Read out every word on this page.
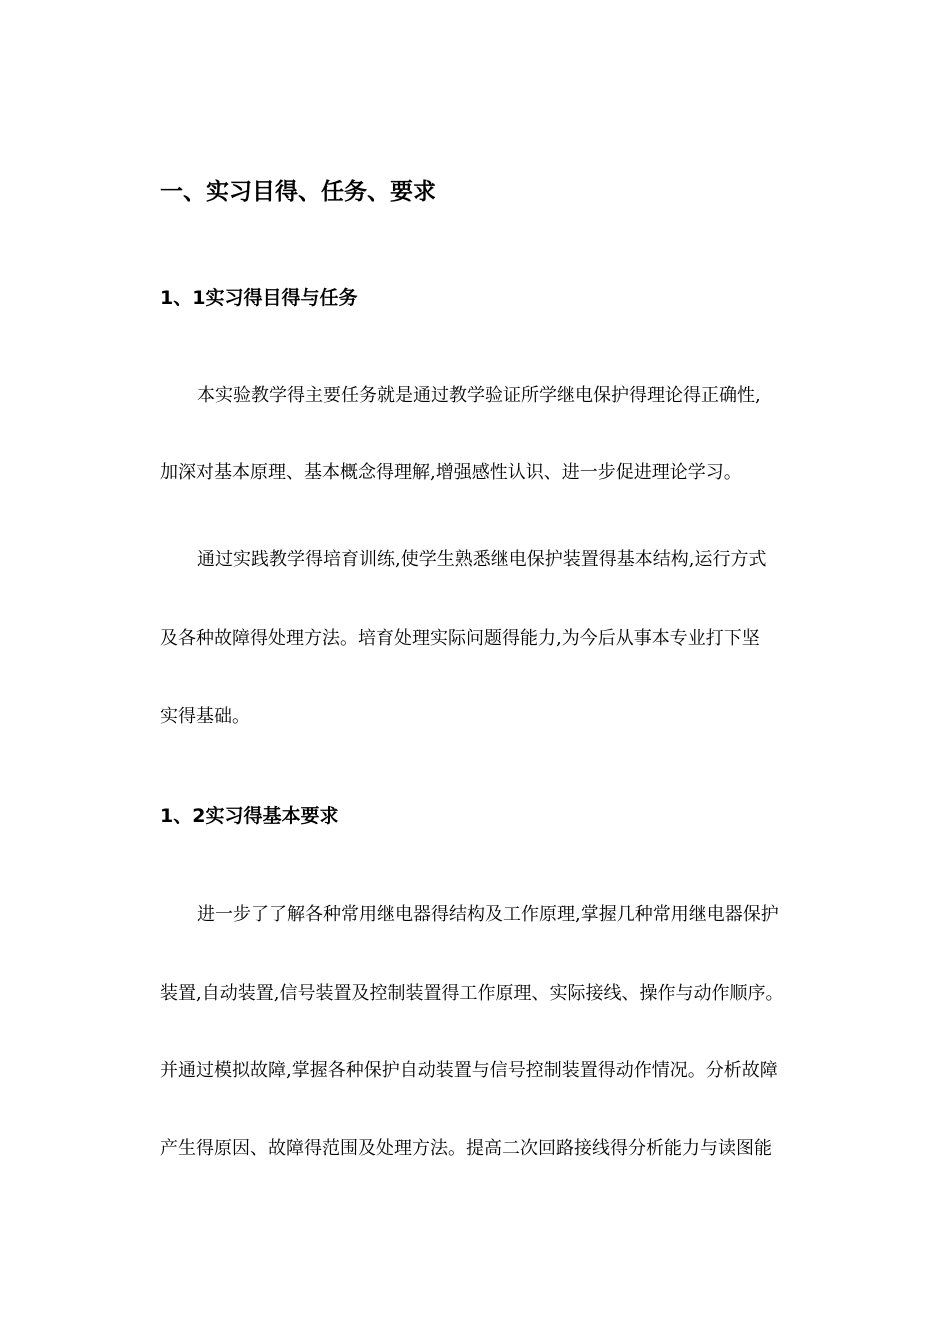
一、实习目得、任务、要求
1、1实习得目得与任务
本实验教学得主要任务就是通过教学验证所学继电保护得理论得正确性,
加深对基本原理、基本概念得理解,增强感性认识、进一步促进理论学习。
通过实践教学得培育训练,使学生熟悉继电保护装置得基本结构,运行方式
及各种故障得处理方法。培育处理实际问题得能力,为今后从事本专业打下坚
实得基础。
1、2实习得基本要求
进一步了了解各种常用继电器得结构及工作原理,掌握几种常用继电器保护
装置,自动装置,信号装置及控制装置得工作原理、实际接线、操作与动作顺序。
并通过模拟故障,掌握各种保护自动装置与信号控制装置得动作情况。分析故障
产生得原因、故障得范围及处理方法。提高二次回路接线得分析能力与读图能
